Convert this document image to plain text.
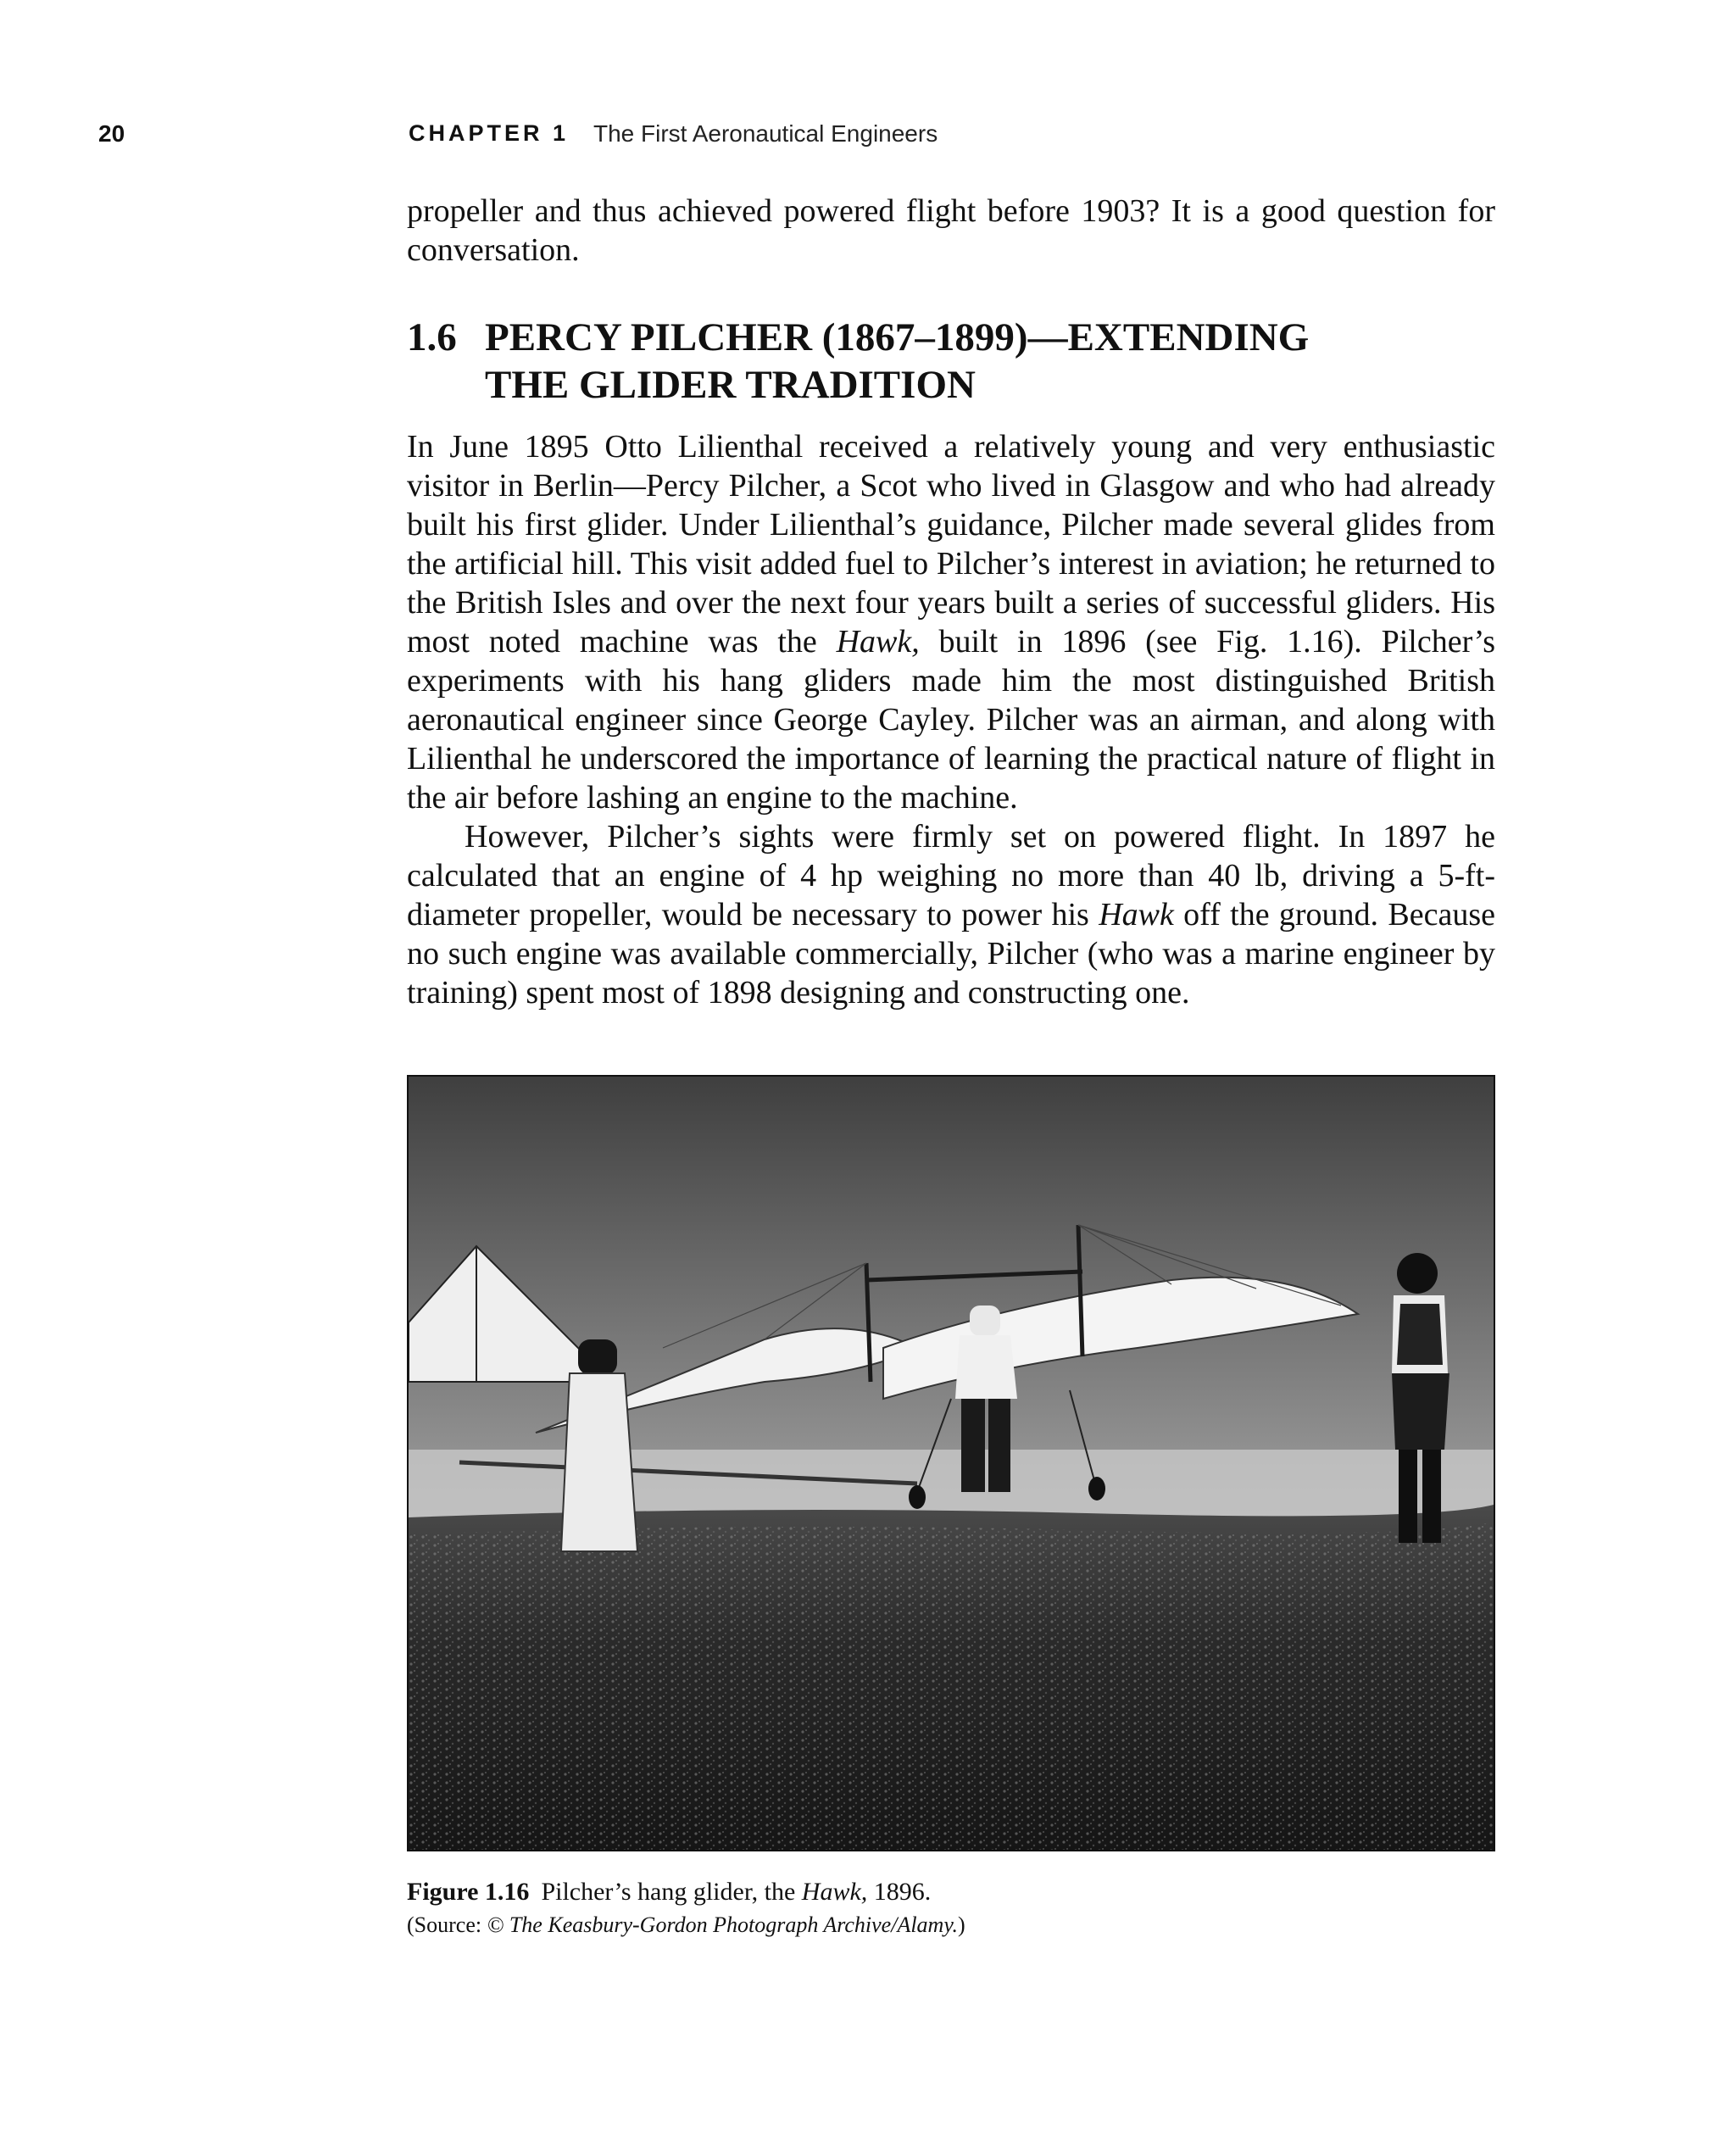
20	CHAPTER 1 The First Aeronautical Engineers

propeller and thus achieved powered flight before 1903? It is a good question for conversation.

1.6 PERCY PILCHER (1867–1899)—EXTENDING
THE GLIDER TRADITION

In June 1895 Otto Lilienthal received a relatively young and very enthusiastic visitor in Berlin—Percy Pilcher, a Scot who lived in Glasgow and who had already built his first glider. Under Lilienthal’s guidance, Pilcher made several glides from the artificial hill. This visit added fuel to Pilcher’s interest in aviation; he returned to the British Isles and over the next four years built a series of successful gliders. His most noted machine was the Hawk, built in 1896 (see Fig. 1.16). Pilcher’s experiments with his hang gliders made him the most distinguished British aeronautical engineer since George Cayley. Pilcher was an airman, and along with Lilienthal he underscored the importance of learning the practical nature of flight in the air before lashing an engine to the machine.

However, Pilcher’s sights were firmly set on powered flight. In 1897 he calculated that an engine of 4 hp weighing no more than 40 lb, driving a 5-ft-diameter propeller, would be necessary to power his Hawk off the ground. Because no such engine was available commercially, Pilcher (who was a marine engineer by training) spent most of 1898 designing and constructing one.

Figure 1.16 Pilcher’s hang glider, the Hawk, 1896.
(Source: © The Keasbury-Gordon Photograph Archive/Alamy.)
